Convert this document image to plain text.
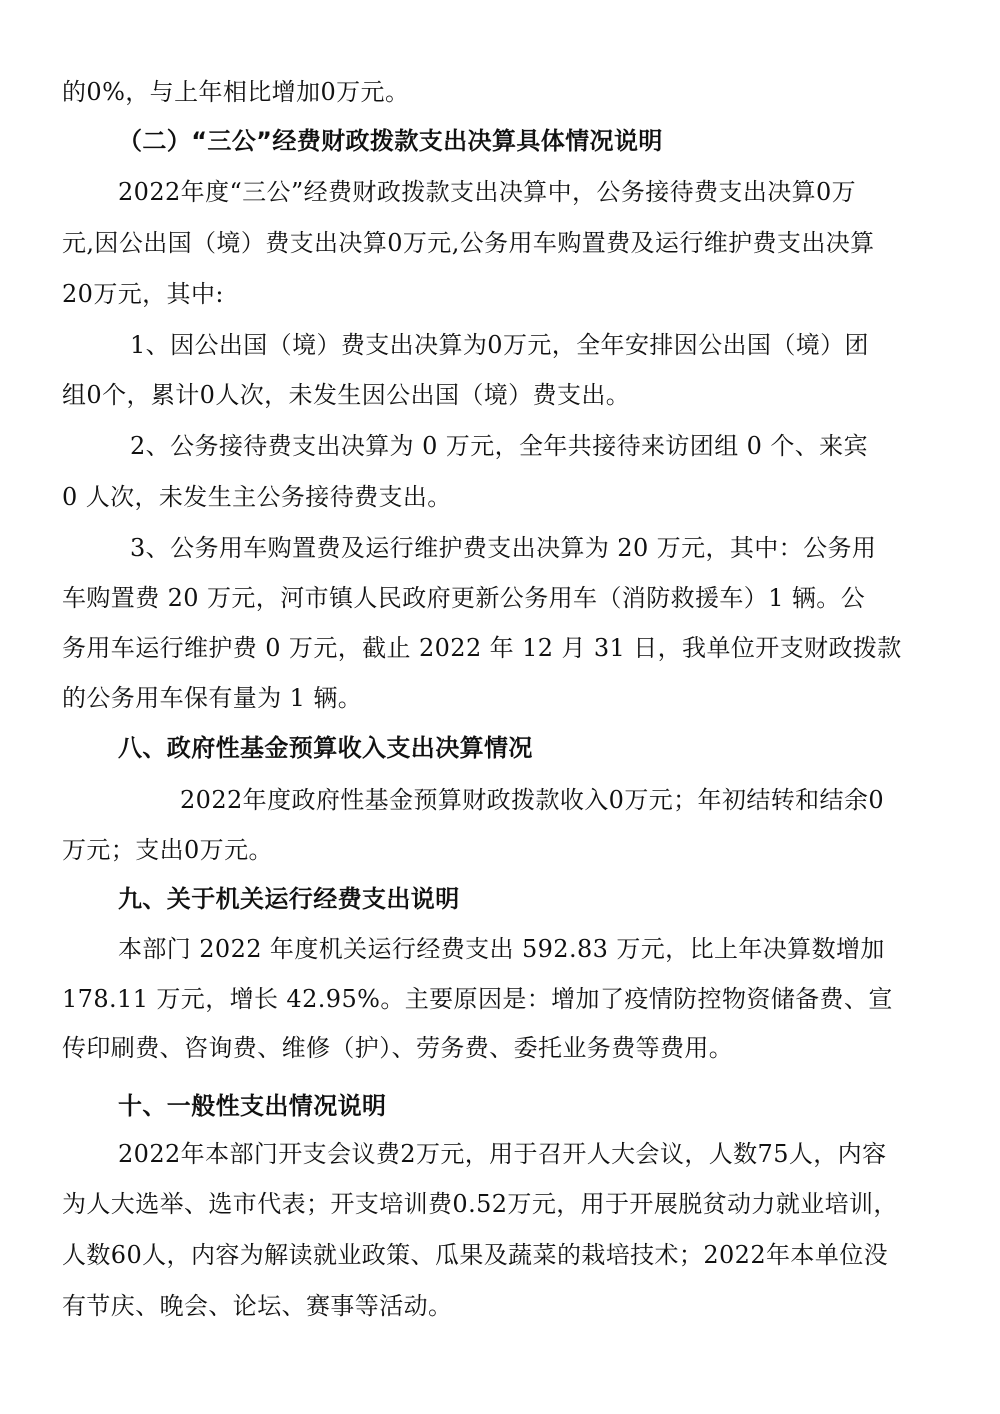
的0%，与上年相比增加0万元。
（二）“三公”经费财政拨款支出决算具体情况说明
2022年度“三公”经费财政拨款支出决算中，公务接待费支出决算0万
元,因公出国（境）费支出决算0万元,公务用车购置费及运行维护费支出决算
20万元，其中:
1、因公出国（境）费支出决算为0万元，全年安排因公出国（境）团
组0个，累计0人次，未发生因公出国（境）费支出。
2、公务接待费支出决算为 0 万元，全年共接待来访团组 0 个、来宾
0 人次，未发生主公务接待费支出。
3、公务用车购置费及运行维护费支出决算为 20 万元，其中：公务用
车购置费 20 万元，河市镇人民政府更新公务用车（消防救援车）1 辆。公
务用车运行维护费 0 万元，截止 2022 年 12 月 31 日，我单位开支财政拨款
的公务用车保有量为 1 辆。
八、政府性基金预算收入支出决算情况
2022年度政府性基金预算财政拨款收入0万元；年初结转和结余0
万元；支出0万元。
九、关于机关运行经费支出说明
本部门 2022 年度机关运行经费支出 592.83 万元，比上年决算数增加
178.11 万元，增长 42.95%。主要原因是：增加了疫情防控物资储备费、宣
传印刷费、咨询费、维修（护）、劳务费、委托业务费等费用。
十、一般性支出情况说明
2022年本部门开支会议费2万元，用于召开人大会议，人数75人，内容
为人大选举、选市代表；开支培训费0.52万元，用于开展脱贫动力就业培训，
人数60人，内容为解读就业政策、瓜果及蔬菜的栽培技术；2022年本单位没
有节庆、晚会、论坛、赛事等活动。
